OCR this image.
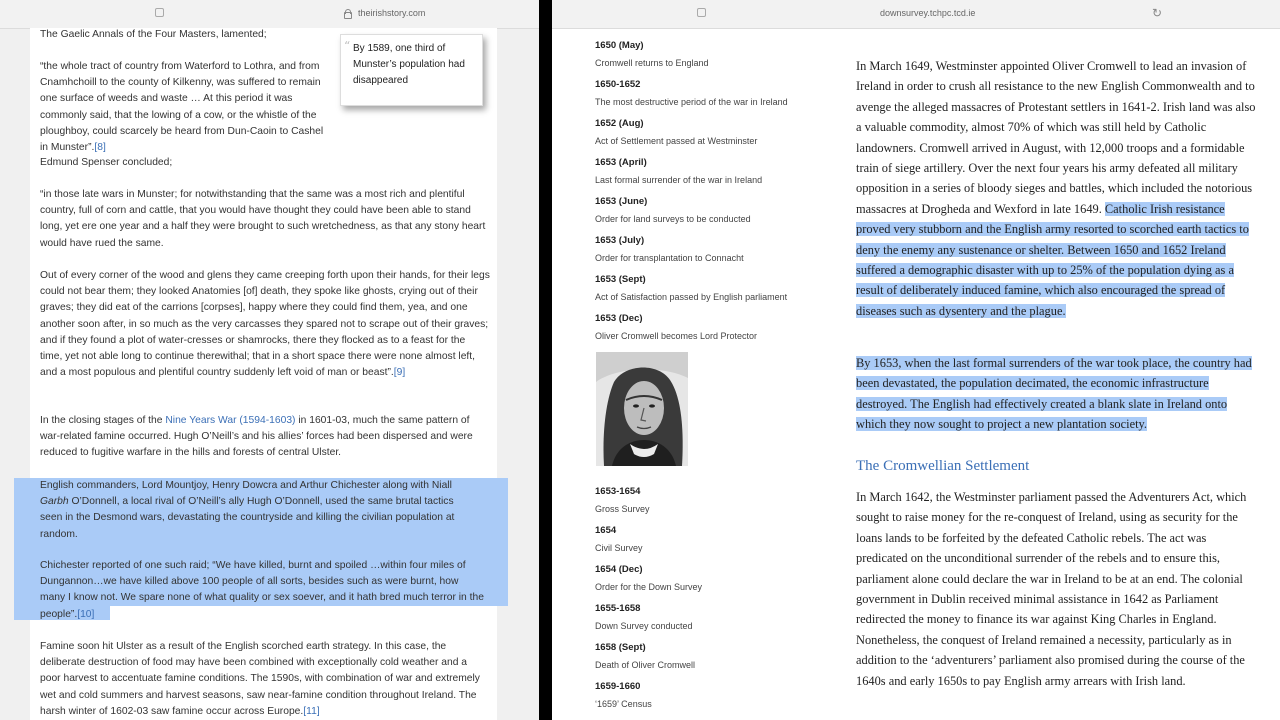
theirishstory.com

The Gaelic Annals of the Four Masters, lamented;

“the whole tract of country from Waterford to Lothra, and from Cnamhchoill to the county of Kilkenny, was suffered to remain one surface of weeds and waste … At this period it was commonly said, that the lowing of a cow, or the whistle of the ploughboy, could scarcely be heard from Dun-Caoin to Cashel in Munster”.[8]

Edmund Spenser concluded;

“in those late wars in Munster; for notwithstanding that the same was a most rich and plentiful country, full of corn and cattle, that you would have thought they could have been able to stand long, yet ere one year and a half they were brought to such wretchedness, as that any stony heart would have rued the same.

Out of every corner of the wood and glens they came creeping forth upon their hands, for their legs could not bear them; they looked Anatomies [of] death, they spoke like ghosts, crying out of their graves; they did eat of the carrions [corpses], happy where they could find them, yea, and one another soon after, in so much as the very carcasses they spared not to scrape out of their graves; and if they found a plot of water-cresses or shamrocks, there they flocked as to a feast for the time, yet not able long to continue therewithal; that in a short space there were none almost left, and a most populous and plentiful country suddenly left void of man or beast”.[9]

In the closing stages of the Nine Years War (1594-1603) in 1601-03, much the same pattern of war-related famine occurred. Hugh O’Neill’s and his allies’ forces had been dispersed and were reduced to fugitive warfare in the hills and forests of central Ulster.

English commanders, Lord Mountjoy, Henry Dowcra and Arthur Chichester along with Niall Garbh O’Donnell, a local rival of O’Neill’s ally Hugh O’Donnell, used the same brutal tactics seen in the Desmond wars, devastating the countryside and killing the civilian population at random.

Chichester reported of one such raid; “We have killed, burnt and spoiled …within four miles of Dungannon…we have killed above 100 people of all sorts, besides such as were burnt, how many I know not. We spare none of what quality or sex soever, and it hath bred much terror in the people”.[10]

Famine soon hit Ulster as a result of the English scorched earth strategy. In this case, the deliberate destruction of food may have been combined with exceptionally cold weather and a poor harvest to accentuate famine conditions. The 1590s, with combination of war and extremely wet and cold summers and harvest seasons, saw near-famine condition throughout Ireland. The harsh winter of 1602-03 saw famine occur across Europe.[11]

“ By 1589, one third of Munster’s population had disappeared
downsurvey.tchpc.tcd.ie	↻
1650 (May)
Cromwell returns to England
1650-1652
The most destructive period of the war in Ireland
1652 (Aug)
Act of Settlement passed at Westminster
1653 (April)
Last formal surrender of the war in Ireland
1653 (June)
Order for land surveys to be conducted
1653 (July)
Order for transplantation to Connacht
1653 (Sept)
Act of Satisfaction passed by English parliament
1653 (Dec)
Oliver Cromwell becomes Lord Protector
1653-1654
Gross Survey
1654
Civil Survey
1654 (Dec)
Order for the Down Survey
1655-1658
Down Survey conducted
1658 (Sept)
Death of Oliver Cromwell
1659-1660
‘1659’ Census

In March 1649, Westminster appointed Oliver Cromwell to lead an invasion of Ireland in order to crush all resistance to the new English Commonwealth and to avenge the alleged massacres of Protestant settlers in 1641-2. Irish land was also a valuable commodity, almost 70% of which was still held by Catholic landowners. Cromwell arrived in August, with 12,000 troops and a formidable train of siege artillery. Over the next four years his army defeated all military opposition in a series of bloody sieges and battles, which included the notorious massacres at Drogheda and Wexford in late 1649. Catholic Irish resistance proved very stubborn and the English army resorted to scorched earth tactics to deny the enemy any sustenance or shelter. Between 1650 and 1652 Ireland suffered a demographic disaster with up to 25% of the population dying as a result of deliberately induced famine, which also encouraged the spread of diseases such as dysentery and the plague.

By 1653, when the last formal surrenders of the war took place, the country had been devastated, the population decimated, the economic infrastructure destroyed. The English had effectively created a blank slate in Ireland onto which they now sought to project a new plantation society.

The Cromwellian Settlement

In March 1642, the Westminster parliament passed the Adventurers Act, which sought to raise money for the re-conquest of Ireland, using as security for the loans lands to be forfeited by the defeated Catholic rebels. The act was predicated on the unconditional surrender of the rebels and to ensure this, parliament alone could declare the war in Ireland to be at an end. The colonial government in Dublin received minimal assistance in 1642 as Parliament redirected the money to finance its war against King Charles in England. Nonetheless, the conquest of Ireland remained a necessity, particularly as in addition to the ‘adventurers’ parliament also promised during the course of the 1640s and early 1650s to pay English army arrears with Irish land.
